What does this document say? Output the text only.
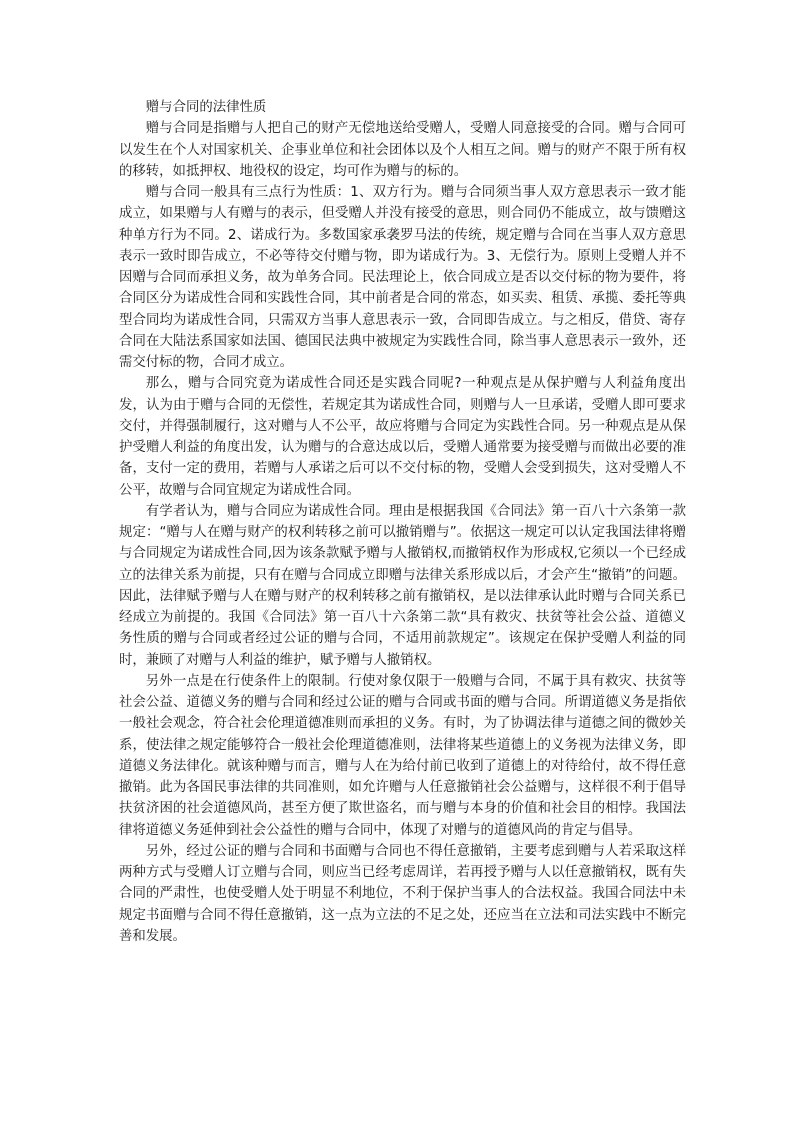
赠与合同的法律性质

赠与合同是指赠与人把自己的财产无偿地送给受赠人，受赠人同意接受的合同。赠与合同可以发生在个人对国家机关、企事业单位和社会团体以及个人相互之间。赠与的财产不限于所有权的移转，如抵押权、地役权的设定，均可作为赠与的标的。

赠与合同一般具有三点行为性质：1、双方行为。赠与合同须当事人双方意思表示一致才能成立，如果赠与人有赠与的表示，但受赠人并没有接受的意思，则合同仍不能成立，故与馈赠这种单方行为不同。2、诺成行为。多数国家承袭罗马法的传统，规定赠与合同在当事人双方意思表示一致时即告成立，不必等待交付赠与物，即为诺成行为。3、无偿行为。原则上受赠人并不因赠与合同而承担义务，故为单务合同。民法理论上，依合同成立是否以交付标的物为要件，将合同区分为诺成性合同和实践性合同，其中前者是合同的常态，如买卖、租赁、承揽、委托等典型合同均为诺成性合同，只需双方当事人意思表示一致，合同即告成立。与之相反，借贷、寄存合同在大陆法系国家如法国、德国民法典中被规定为实践性合同，除当事人意思表示一致外，还需交付标的物，合同才成立。

那么，赠与合同究竟为诺成性合同还是实践合同呢?一种观点是从保护赠与人利益角度出发，认为由于赠与合同的无偿性，若规定其为诺成性合同，则赠与人一旦承诺，受赠人即可要求交付，并得强制履行，这对赠与人不公平，故应将赠与合同定为实践性合同。另一种观点是从保护受赠人利益的角度出发，认为赠与的合意达成以后，受赠人通常要为接受赠与而做出必要的准备，支付一定的费用，若赠与人承诺之后可以不交付标的物，受赠人会受到损失，这对受赠人不公平，故赠与合同宜规定为诺成性合同。

有学者认为，赠与合同应为诺成性合同。理由是根据我国《合同法》第一百八十六条第一款规定：“赠与人在赠与财产的权利转移之前可以撤销赠与”。依据这一规定可以认定我国法律将赠与合同规定为诺成性合同,因为该条款赋予赠与人撤销权,而撤销权作为形成权,它须以一个已经成立的法律关系为前提，只有在赠与合同成立即赠与法律关系形成以后，才会产生“撤销”的问题。因此，法律赋予赠与人在赠与财产的权利转移之前有撤销权，是以法律承认此时赠与合同关系已经成立为前提的。我国《合同法》第一百八十六条第二款“具有救灾、扶贫等社会公益、道德义务性质的赠与合同或者经过公证的赠与合同，不适用前款规定”。该规定在保护受赠人利益的同时，兼顾了对赠与人利益的维护，赋予赠与人撤销权。

另外一点是在行使条件上的限制。行使对象仅限于一般赠与合同，不属于具有救灾、扶贫等社会公益、道德义务的赠与合同和经过公证的赠与合同或书面的赠与合同。所谓道德义务是指依一般社会观念，符合社会伦理道德准则而承担的义务。有时，为了协调法律与道德之间的微妙关系，使法律之规定能够符合一般社会伦理道德准则，法律将某些道德上的义务视为法律义务，即道德义务法律化。就该种赠与而言，赠与人在为给付前已收到了道德上的对待给付，故不得任意撤销。此为各国民事法律的共同准则，如允许赠与人任意撤销社会公益赠与，这样很不利于倡导扶贫济困的社会道德风尚，甚至方便了欺世盗名，而与赠与本身的价值和社会目的相悖。我国法律将道德义务延伸到社会公益性的赠与合同中，体现了对赠与的道德风尚的肯定与倡导。

另外，经过公证的赠与合同和书面赠与合同也不得任意撤销，主要考虑到赠与人若采取这样两种方式与受赠人订立赠与合同，则应当已经考虑周详，若再授予赠与人以任意撤销权，既有失合同的严肃性，也使受赠人处于明显不利地位，不利于保护当事人的合法权益。我国合同法中未规定书面赠与合同不得任意撤销，这一点为立法的不足之处，还应当在立法和司法实践中不断完善和发展。
